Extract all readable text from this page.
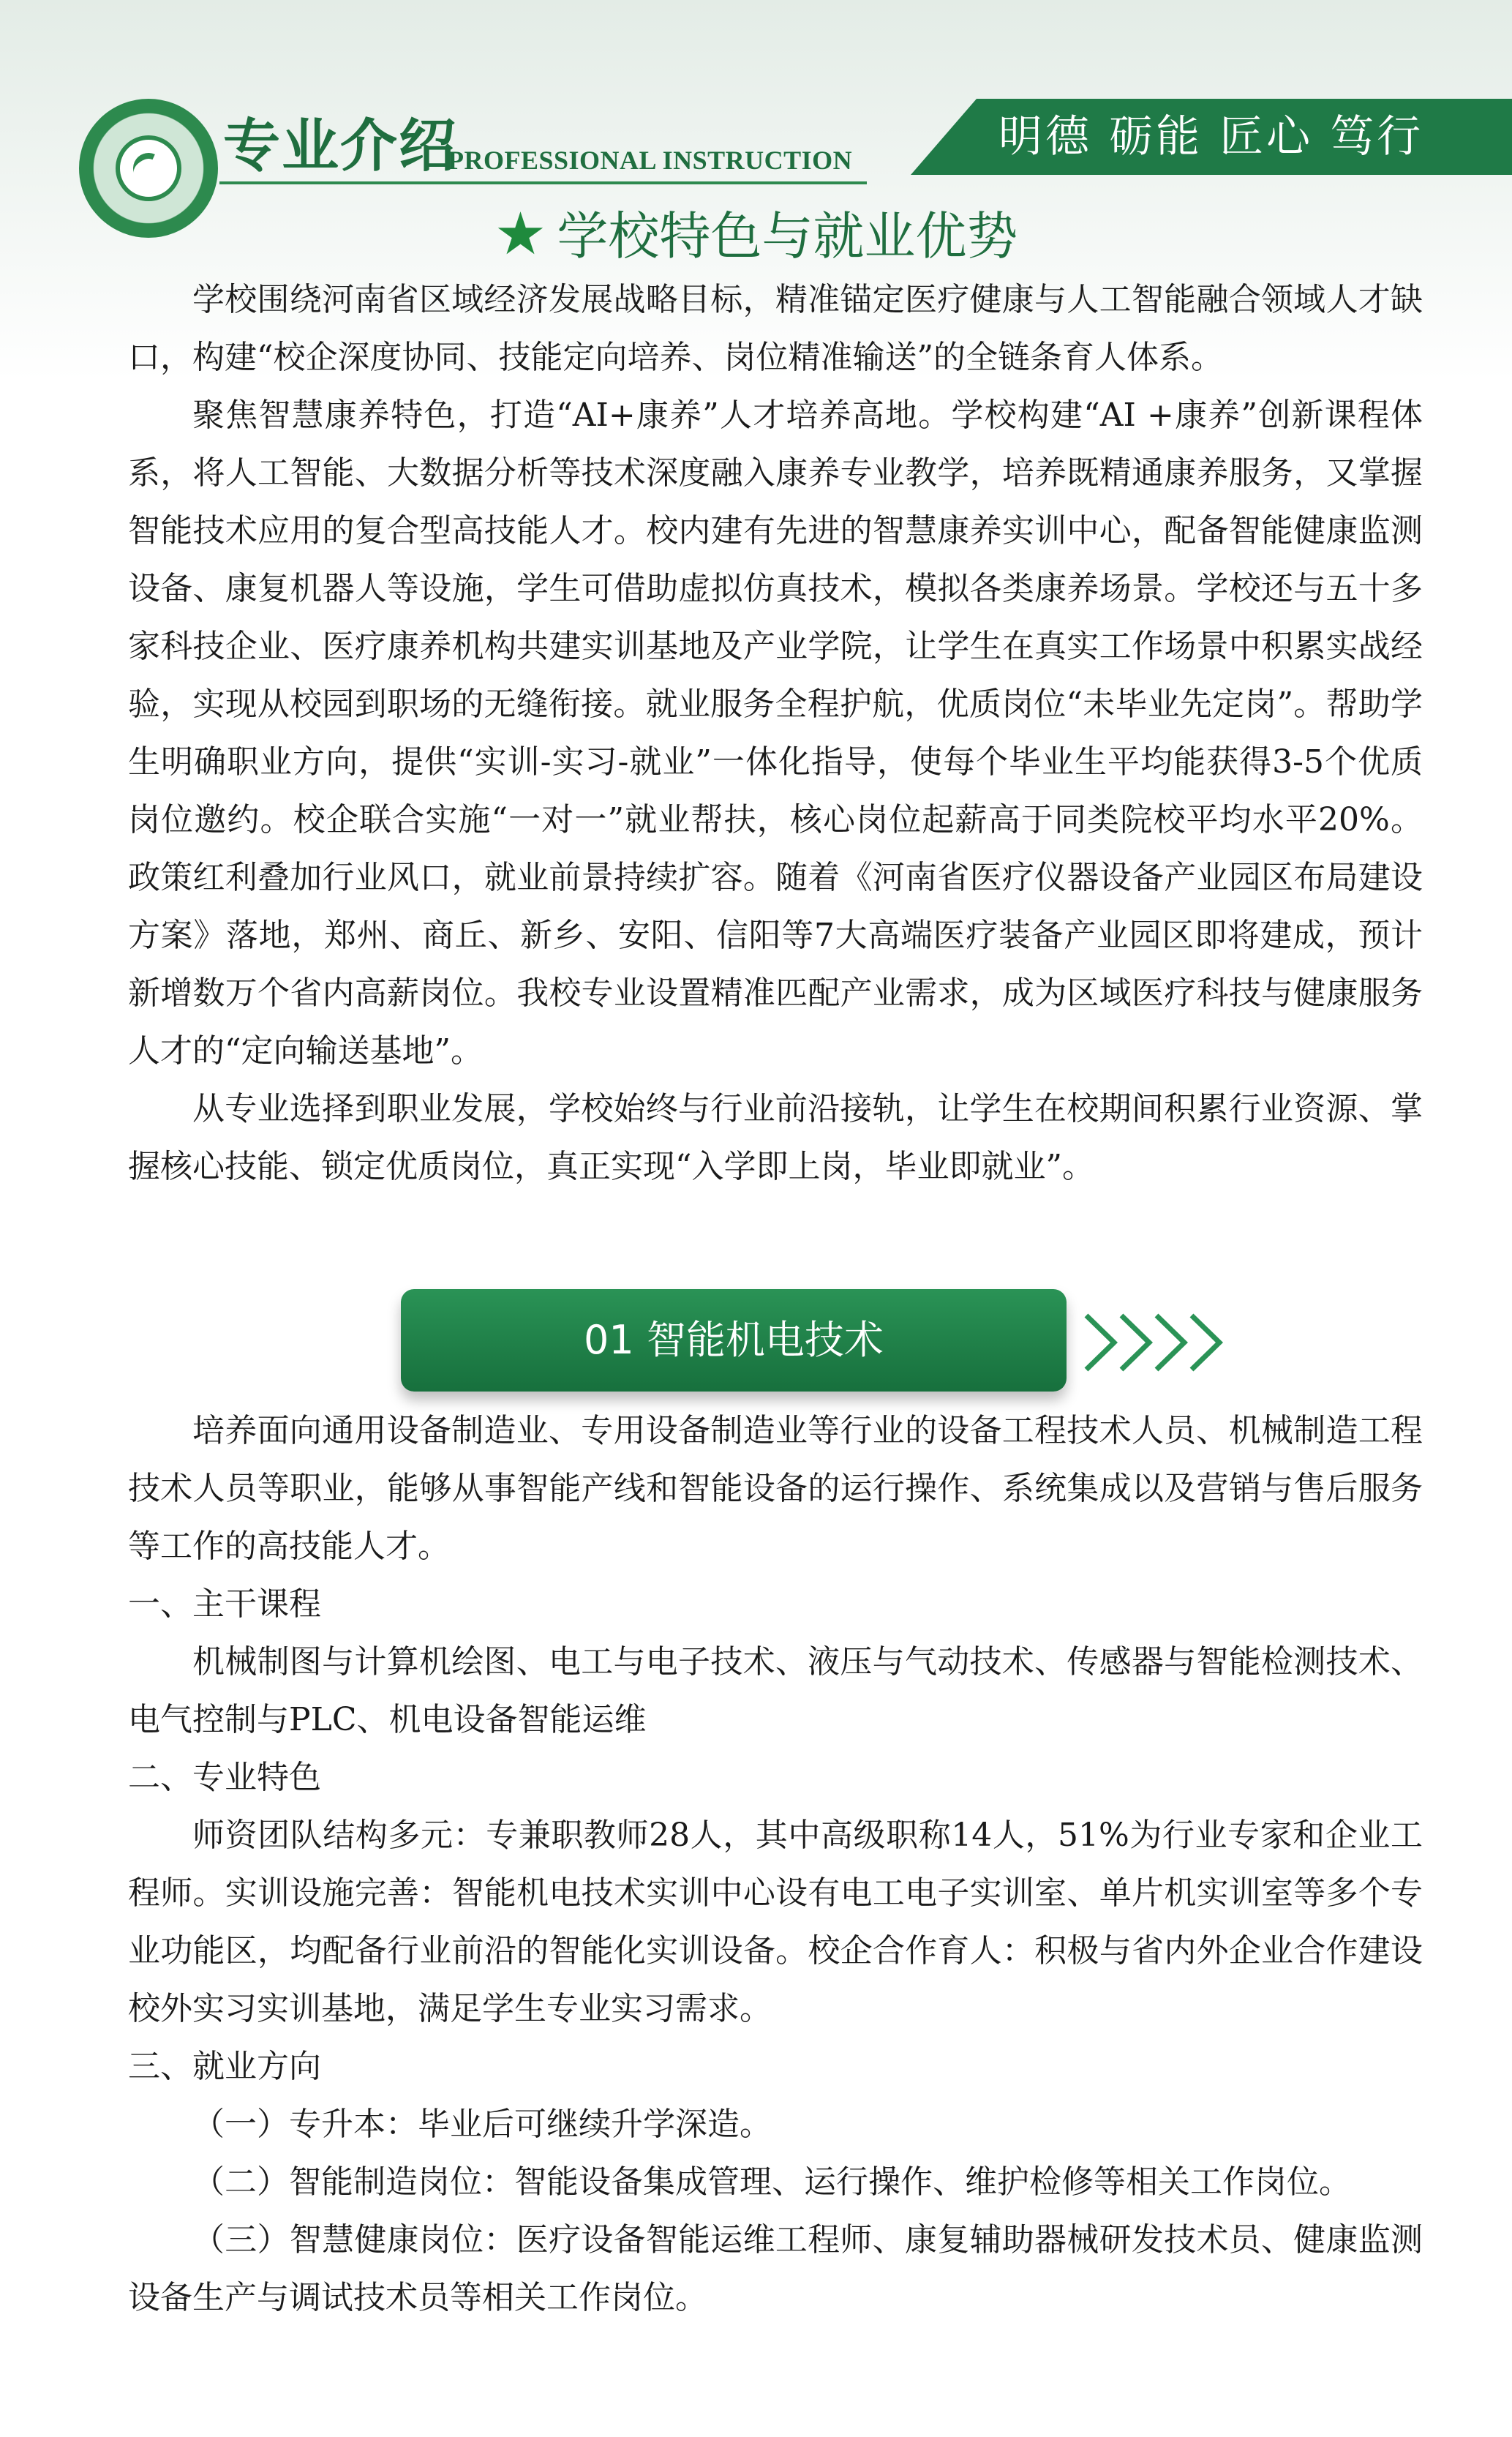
专业介绍
PROFESSIONAL INSTRUCTION	明德 砺能 匠心 笃行
★ 学校特色与就业优势

学校围绕河南省区域经济发展战略目标，精准锚定医疗健康与人工智能融合领域人才缺口，构建“校企深度协同、技能定向培养、岗位精准输送”的全链条育人体系。

聚焦智慧康养特色，打造“AI+康养”人才培养高地。学校构建“AI +康养”创新课程体系，将人工智能、大数据分析等技术深度融入康养专业教学，培养既精通康养服务，又掌握智能技术应用的复合型高技能人才。校内建有先进的智慧康养实训中心，配备智能健康监测设备、康复机器人等设施，学生可借助虚拟仿真技术，模拟各类康养场景。学校还与五十多家科技企业、医疗康养机构共建实训基地及产业学院，让学生在真实工作场景中积累实战经验，实现从校园到职场的无缝衔接。就业服务全程护航，优质岗位“未毕业先定岗”。帮助学生明确职业方向，提供“实训-实习-就业”一体化指导，使每个毕业生平均能获得3-5个优质岗位邀约。校企联合实施“一对一”就业帮扶，核心岗位起薪高于同类院校平均水平20%。政策红利叠加行业风口，就业前景持续扩容。随着《河南省医疗仪器设备产业园区布局建设方案》落地，郑州、商丘、新乡、安阳、信阳等7大高端医疗装备产业园区即将建成，预计新增数万个省内高薪岗位。我校专业设置精准匹配产业需求，成为区域医疗科技与健康服务人才的“定向输送基地”。

从专业选择到职业发展，学校始终与行业前沿接轨，让学生在校期间积累行业资源、掌握核心技能、锁定优质岗位，真正实现“入学即上岗，毕业即就业”。

01 智能机电技术

培养面向通用设备制造业、专用设备制造业等行业的设备工程技术人员、机械制造工程技术人员等职业，能够从事智能产线和智能设备的运行操作、系统集成以及营销与售后服务等工作的高技能人才。

一、主干课程

机械制图与计算机绘图、电工与电子技术、液压与气动技术、传感器与智能检测技术、电气控制与PLC、机电设备智能运维

二、专业特色

师资团队结构多元：专兼职教师28人，其中高级职称14人，51%为行业专家和企业工程师。实训设施完善：智能机电技术实训中心设有电工电子实训室、单片机实训室等多个专业功能区，均配备行业前沿的智能化实训设备。校企合作育人：积极与省内外企业合作建设校外实习实训基地，满足学生专业实习需求。

三、就业方向

（一）专升本：毕业后可继续升学深造。

（二）智能制造岗位：智能设备集成管理、运行操作、维护检修等相关工作岗位。

（三）智慧健康岗位：医疗设备智能运维工程师、康复辅助器械研发技术员、健康监测设备生产与调试技术员等相关工作岗位。
